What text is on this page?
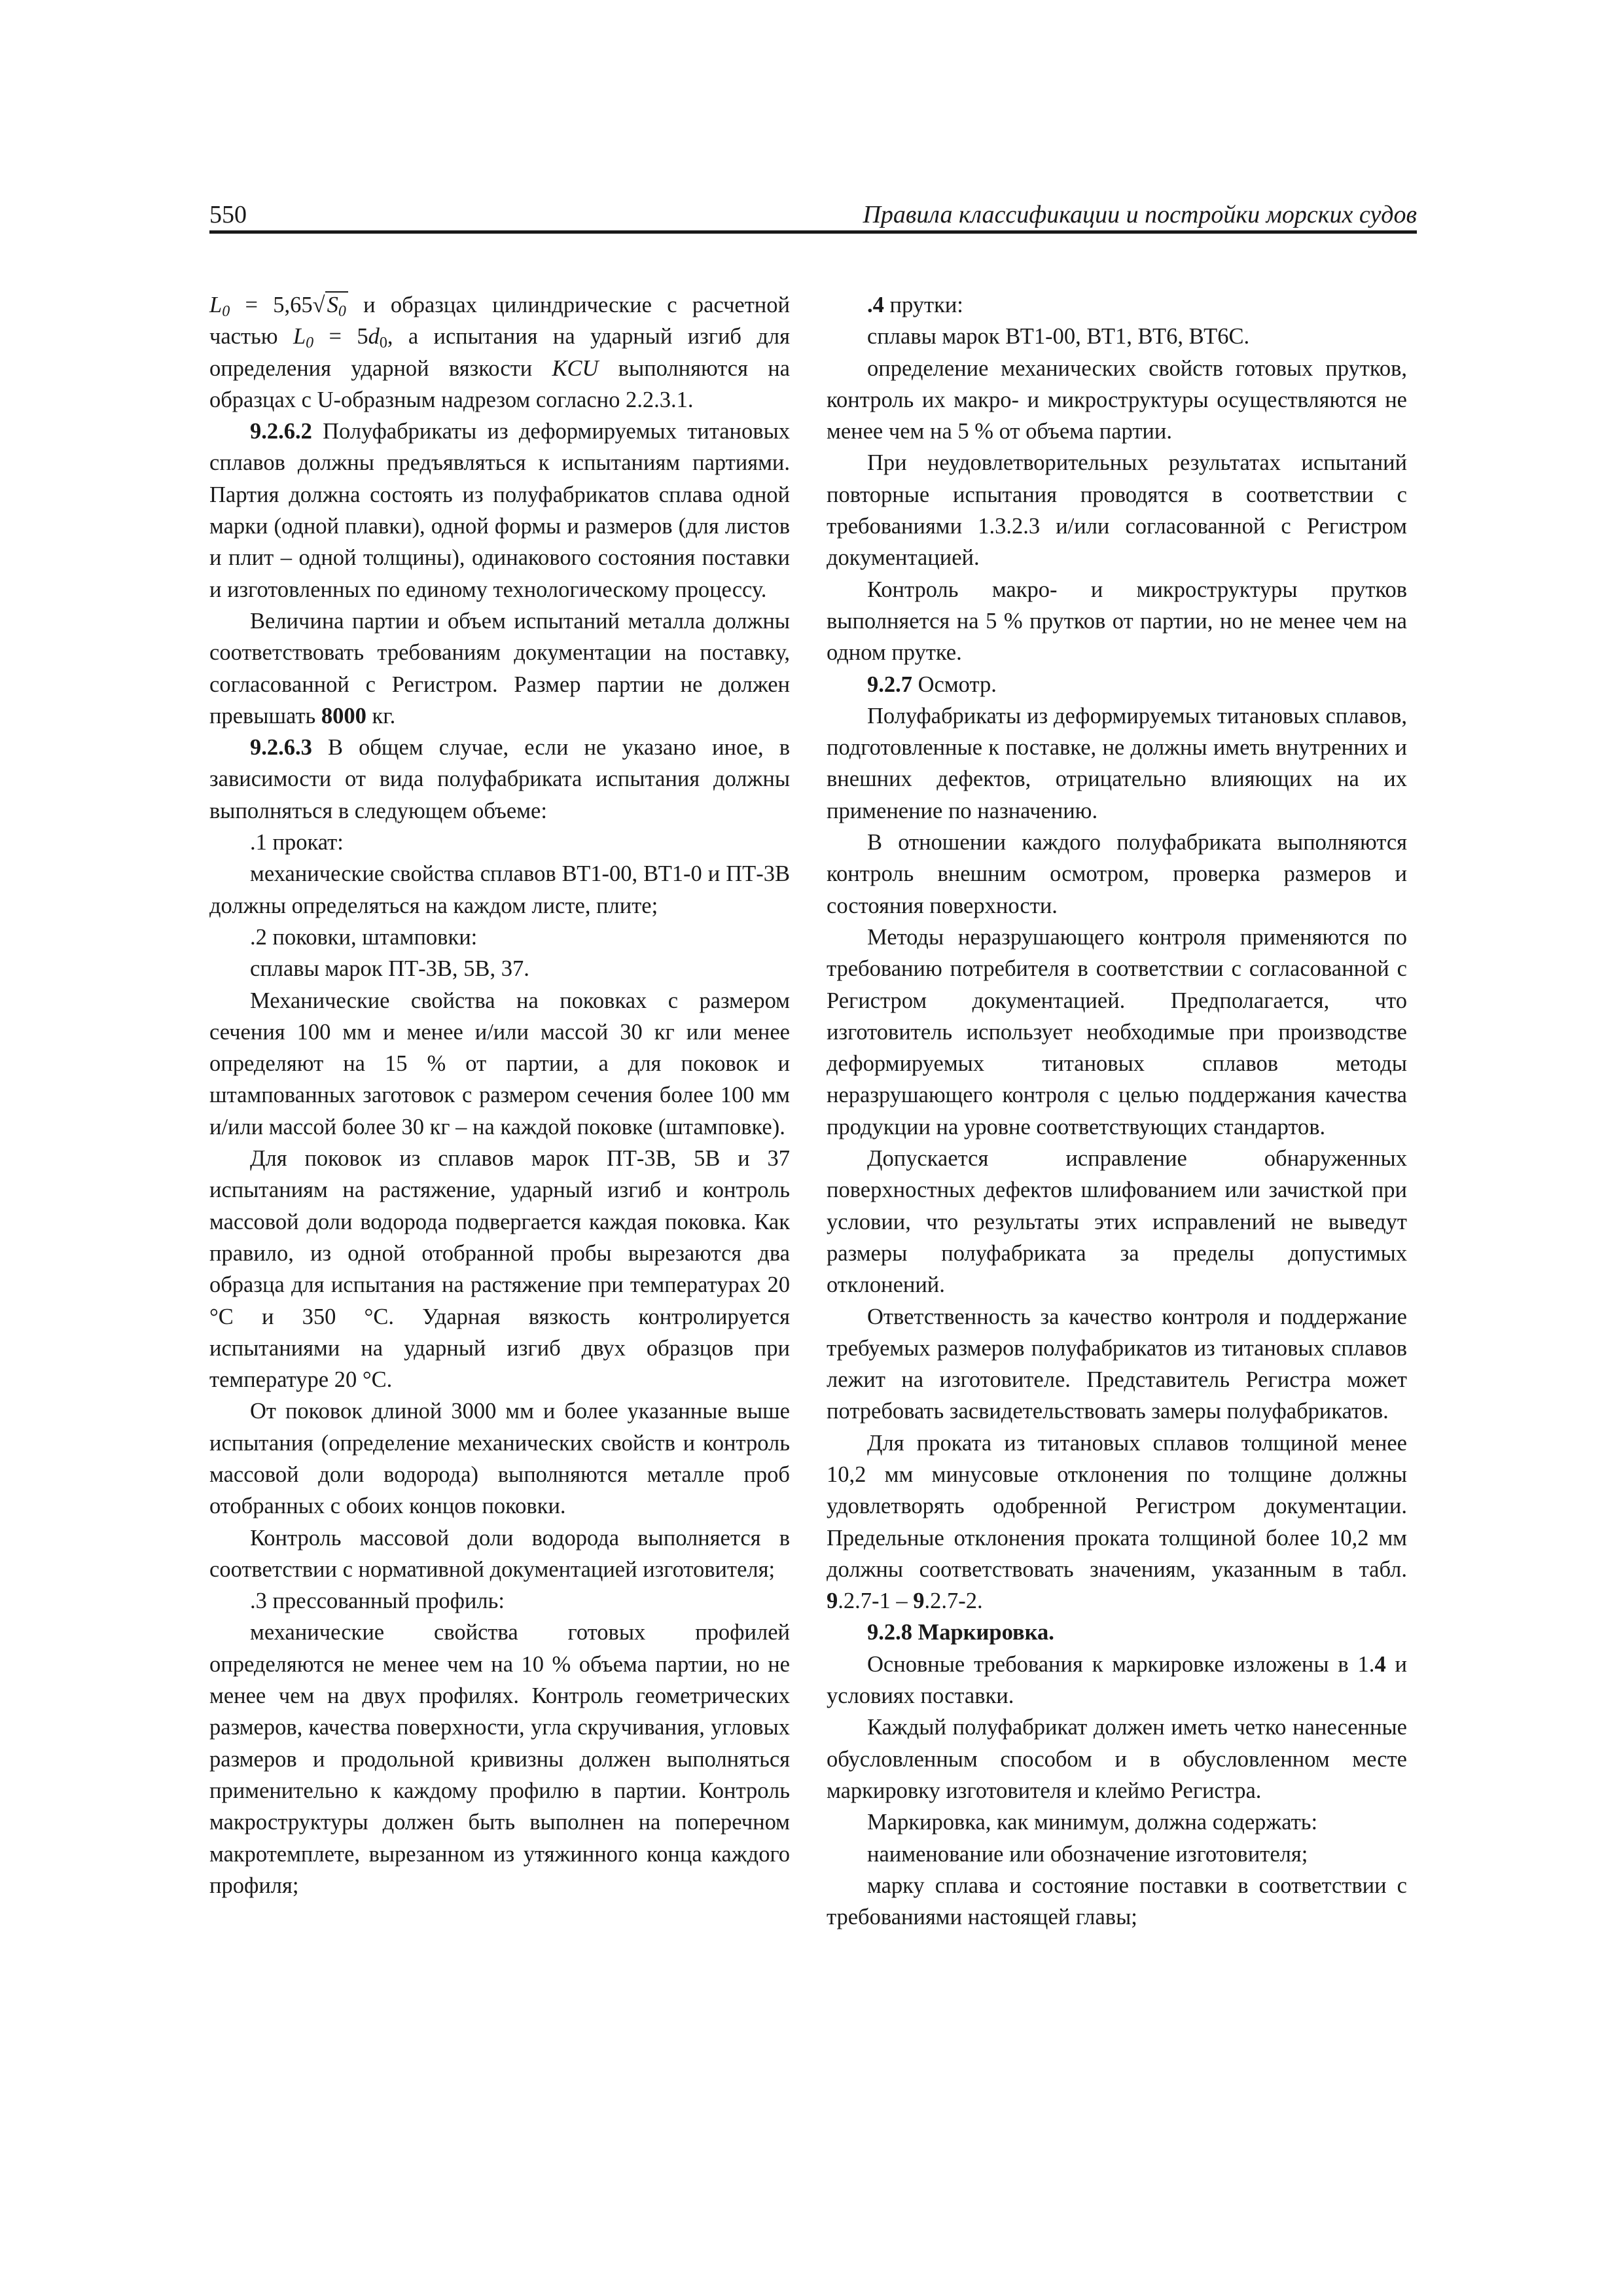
550	Правила классификации и постройки морских судов

$L_0 = 5,65√S_0$ и образцах цилиндрические с расчетной частью $L_0 = 5d_0$, а испытания на ударный изгиб для определения ударной вязкости KCU выполняются на образцах с U-образным надрезом согласно 2.2.3.1.

9.2.6.2 Полуфабрикаты из деформируемых титановых сплавов должны предъявляться к испытаниям партиями. Партия должна состоять из полуфабрикатов сплава одной марки (одной плавки), одной формы и размеров (для листов и плит – одной толщины), одинакового состояния поставки и изготовленных по единому технологическому процессу.

Величина партии и объем испытаний металла должны соответствовать требованиям документации на поставку, согласованной с Регистром. Размер партии не должен превышать 8000 кг.

9.2.6.3 В общем случае, если не указано иное, в зависимости от вида полуфабриката испытания должны выполняться в следующем объеме:

.1 прокат:

механические свойства сплавов ВТ1-00, ВТ1-0 и ПТ-3В должны определяться на каждом листе, плите;

.2 поковки, штамповки:

сплавы марок ПТ-3В, 5В, 37.

Механические свойства на поковках с размером сечения 100 мм и менее и/или массой 30 кг или менее определяют на 15 % от партии, а для поковок и штампованных заготовок с размером сечения более 100 мм и/или массой более 30 кг – на каждой поковке (штамповке).

Для поковок из сплавов марок ПТ-3В, 5В и 37 испытаниям на растяжение, ударный изгиб и контроль массовой доли водорода подвергается каждая поковка. Как правило, из одной отобранной пробы вырезаются два образца для испытания на растяжение при температурах 20 °С и 350 °С. Ударная вязкость контролируется испытаниями на ударный изгиб двух образцов при температуре 20 °С.

От поковок длиной 3000 мм и более указанные выше испытания (определение механических свойств и контроль массовой доли водорода) выполняются металле проб отобранных с обоих концов поковки.

Контроль массовой доли водорода выполняется в соответствии с нормативной документацией изготовителя;

.3 прессованный профиль:

механические свойства готовых профилей определяются не менее чем на 10 % объема партии, но не менее чем на двух профилях. Контроль геометрических размеров, качества поверхности, угла скручивания, угловых размеров и продольной кривизны должен выполняться применительно к каждому профилю в партии. Контроль макроструктуры должен быть выполнен на поперечном макротемплете, вырезанном из утяжинного конца каждого профиля;

.4 прутки:

сплавы марок ВТ1-00, ВТ1, ВТ6, ВТ6С.

определение механических свойств готовых прутков, контроль их макро- и микроструктуры осуществляются не менее чем на 5 % от объема партии.

При неудовлетворительных результатах испытаний повторные испытания проводятся в соответствии с требованиями 1.3.2.3 и/или согласованной с Регистром документацией.

Контроль макро- и микроструктуры прутков выполняется на 5 % прутков от партии, но не менее чем на одном прутке.

9.2.7 Осмотр.

Полуфабрикаты из деформируемых титановых сплавов, подготовленные к поставке, не должны иметь внутренних и внешних дефектов, отрицательно влияющих на их применение по назначению.

В отношении каждого полуфабриката выполняются контроль внешним осмотром, проверка размеров и состояния поверхности.

Методы неразрушающего контроля применяются по требованию потребителя в соответствии с согласованной с Регистром документацией. Предполагается, что изготовитель использует необходимые при производстве деформируемых титановых сплавов методы неразрушающего контроля с целью поддержания качества продукции на уровне соответствующих стандартов.

Допускается исправление обнаруженных поверхностных дефектов шлифованием или зачисткой при условии, что результаты этих исправлений не выведут размеры полуфабриката за пределы допустимых отклонений.

Ответственность за качество контроля и поддержание требуемых размеров полуфабрикатов из титановых сплавов лежит на изготовителе. Представитель Регистра может потребовать засвидетельствовать замеры полуфабрикатов.

Для проката из титановых сплавов толщиной менее 10,2 мм минусовые отклонения по толщине должны удовлетворять одобренной Регистром документации. Предельные отклонения проката толщиной более 10,2 мм должны соответствовать значениям, указанным в табл. 9.2.7-1 – 9.2.7-2.

9.2.8 Маркировка.

Основные требования к маркировке изложены в 1.4 и условиях поставки.

Каждый полуфабрикат должен иметь четко нанесенные обусловленным способом и в обусловленном месте маркировку изготовителя и клеймо Регистра.

Маркировка, как минимум, должна содержать:

наименование или обозначение изготовителя;

марку сплава и состояние поставки в соответствии с требованиями настоящей главы;
